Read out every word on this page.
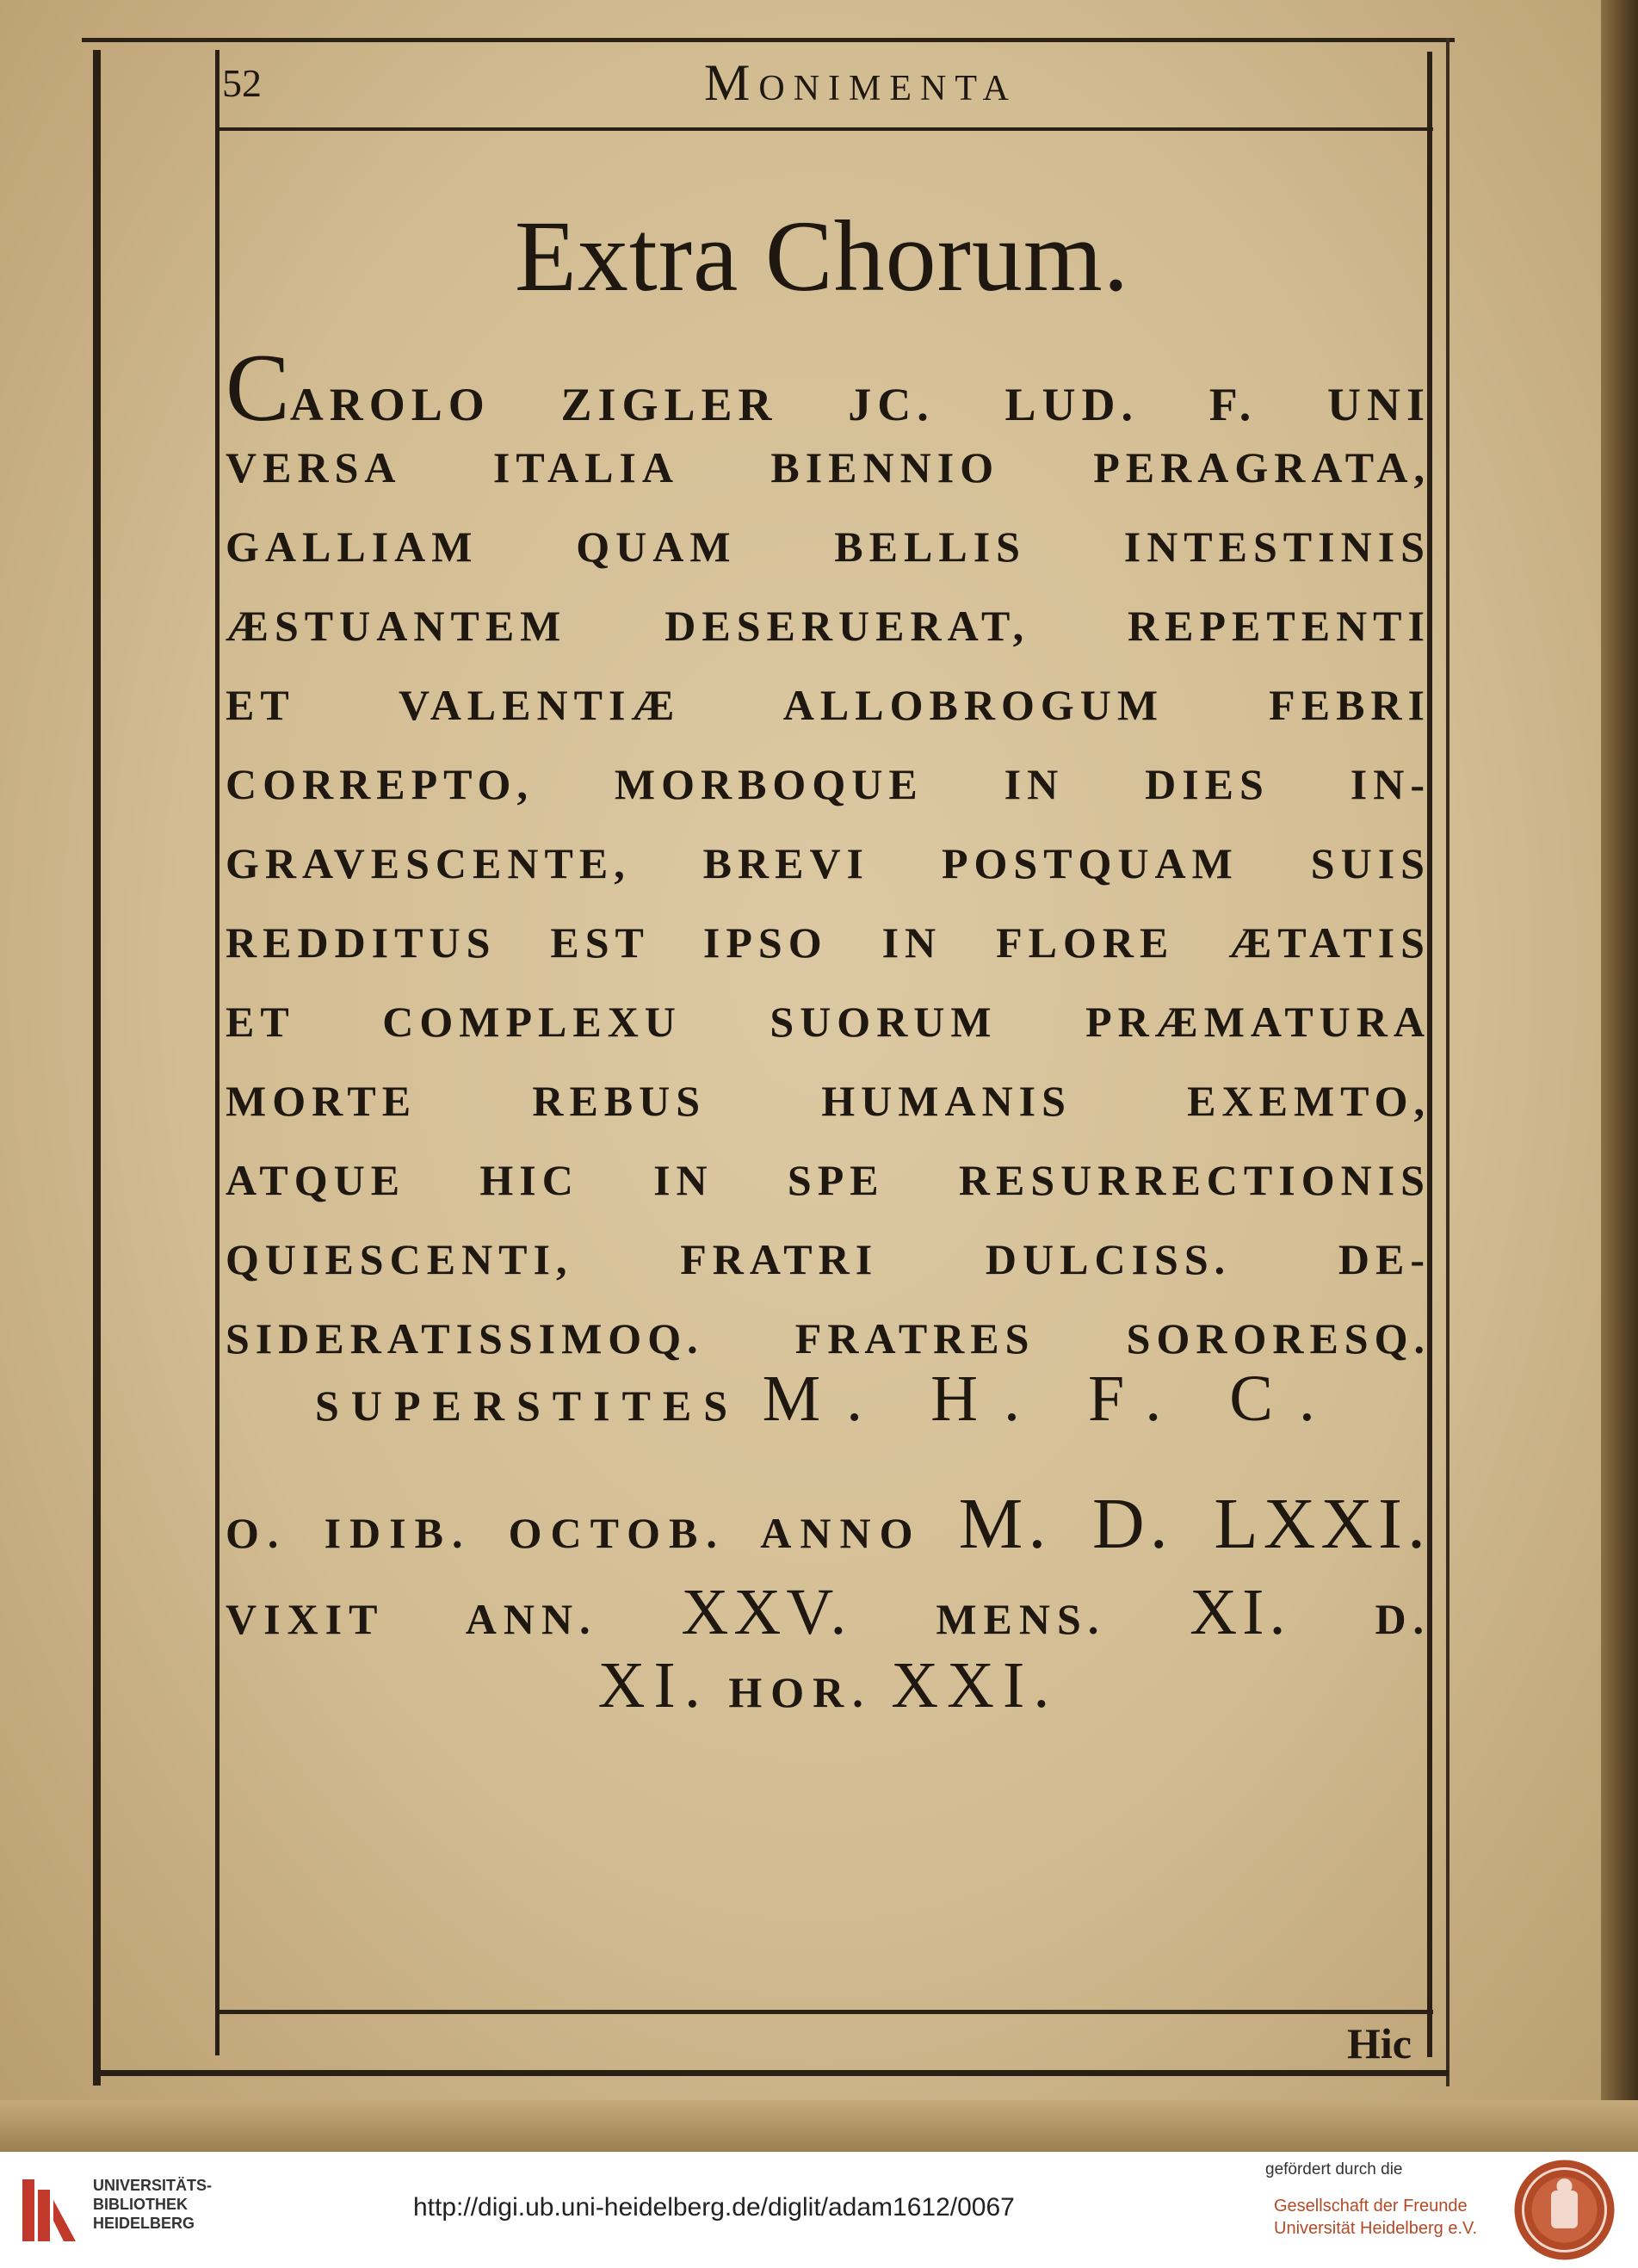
52	Monimenta
Extra Chorum.
CAROLO ZIGLER JC. LUD. F. UNI
VERSA ITALIA BIENNIO PERAGRATA,
GALLIAM QUAM BELLIS INTESTINIS
ÆSTUANTEM DESERUERAT, REPETENTI
ET VALENTIÆ ALLOBROGUM FEBRI
CORREPTO, MORBOQUE IN DIES IN-
GRAVESCENTE, BREVI POSTQUAM SUIS
REDDITUS EST IPSO IN FLORE ÆTATIS
ET COMPLEXU SUORUM PRÆMATURA
MORTE REBUS HUMANIS EXEMTO,
ATQUE HIC IN SPE RESURRECTIONIS
QUIESCENTI, FRATRI DULCISS. DE-
SIDERATISSIMOQ. FRATRES SORORESQ.
SUPERSTITES M. H. F. C.
O. IDIB. OCTOB. ANNO M. D. LXXI.
VIXIT ANN. XXV. MENS. XI. D.
XI. HOR. XXI.
Hic
UNIVERSITÄTS-
BIBLIOTHEK
HEIDELBERG
http://digi.ub.uni-heidelberg.de/diglit/adam1612/0067
gefördert durch die
Gesellschaft der Freunde
Universität Heidelberg e.V.
